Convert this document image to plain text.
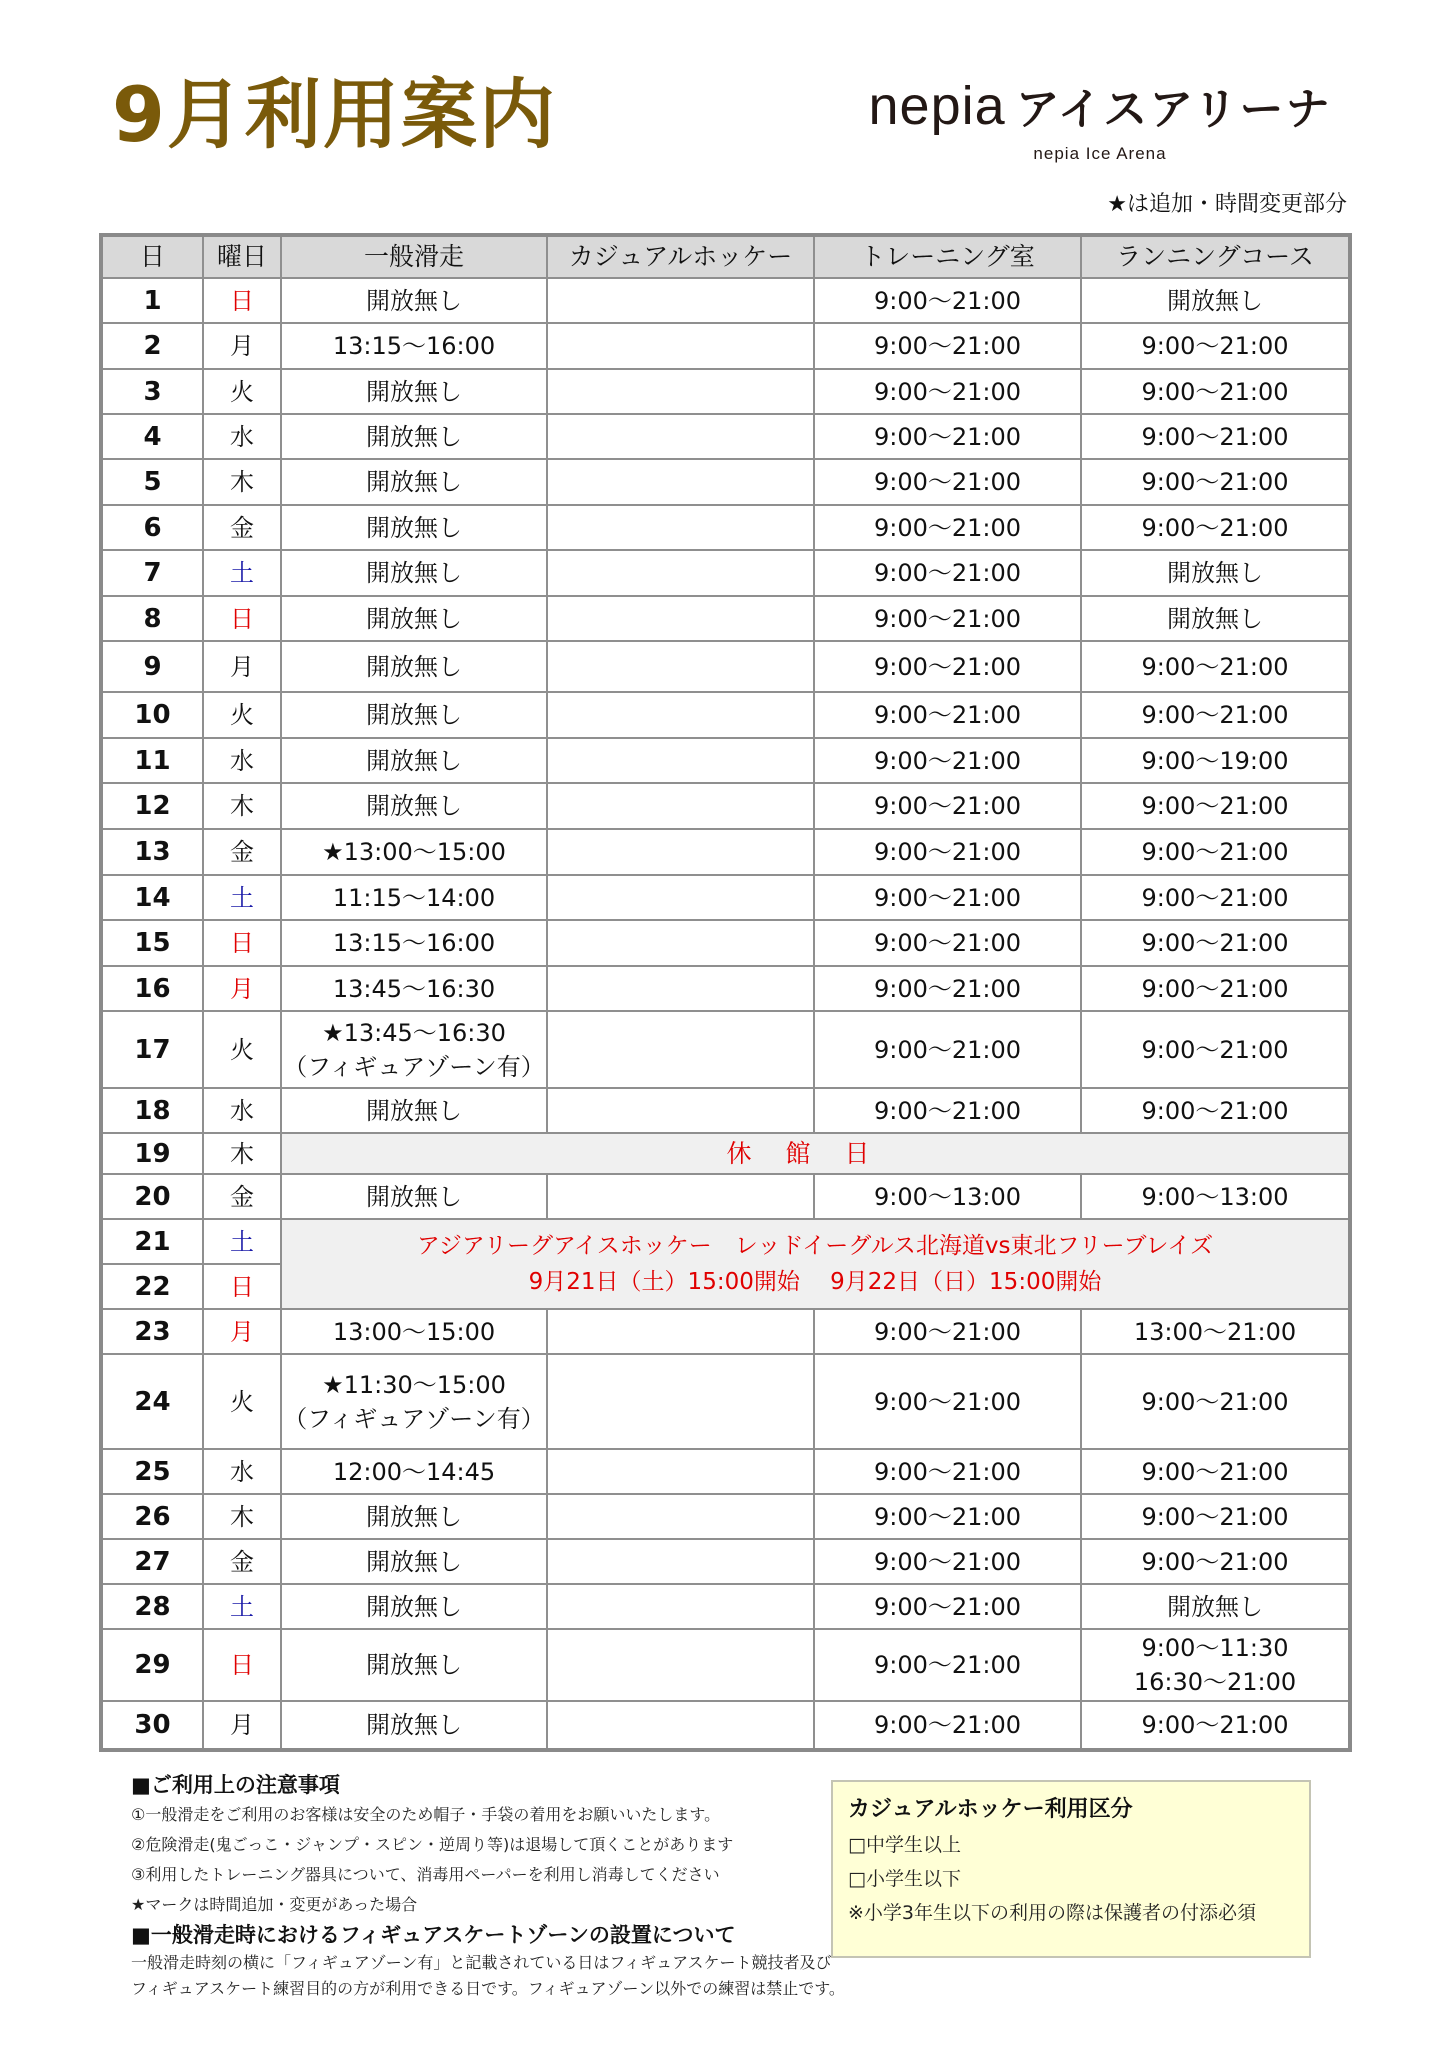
9月利用案内	nepia アイスアリーナ
nepia Ice Arena
★は追加・時間変更部分
日	曜日	一般滑走	カジュアルホッケー	トレーニング室	ランニングコース
1	日	開放無し		9:00～21:00	開放無し

2	月	13:15～16:00		9:00～21:00	9:00～21:00

3	火	開放無し		9:00～21:00	9:00～21:00

4	水	開放無し		9:00～21:00	9:00～21:00

5	木	開放無し		9:00～21:00	9:00～21:00

6	金	開放無し		9:00～21:00	9:00～21:00

7	土	開放無し		9:00～21:00	開放無し

8	日	開放無し		9:00～21:00	開放無し

9	月	開放無し		9:00～21:00	9:00～21:00

10	火	開放無し		9:00～21:00	9:00～21:00

11	水	開放無し		9:00～21:00	9:00～19:00

12	木	開放無し		9:00～21:00	9:00～21:00

13	金	★13:00～15:00		9:00～21:00	9:00～21:00

14	土	11:15～14:00		9:00～21:00	9:00～21:00

15	日	13:15～16:00		9:00～21:00	9:00～21:00

16	月	13:45～16:30		9:00～21:00	9:00～21:00

17	火	★13:45～16:30
（フィギュアゾーン有）		9:00～21:00	9:00～21:00

18	水	開放無し		9:00～21:00	9:00～21:00

19	木	休館日			
20	金	開放無し		9:00～13:00	9:00～13:00

21	土	アジアリーグアイスホッケー　レッドイーグルス北海道vs東北フリーブレイズ
9月21日（土）15:00開始　 9月22日（日）15:00開始			

22	日				
23	月	13:00～15:00		9:00～21:00	13:00～21:00

24	火	★11:30～15:00
（フィギュアゾーン有）		9:00～21:00	9:00～21:00

25	水	12:00～14:45		9:00～21:00	9:00～21:00

26	木	開放無し		9:00～21:00	9:00～21:00

27	金	開放無し		9:00～21:00	9:00～21:00

28	土	開放無し		9:00～21:00	開放無し

29	日	開放無し		9:00～21:00	9:00～11:30
16:30～21:00

30	月	開放無し		9:00～21:00	9:00～21:00
■ご利用上の注意事項
①一般滑走をご利用のお客様は安全のため帽子・手袋の着用をお願いいたします。
②危険滑走(鬼ごっこ・ジャンプ・スピン・逆周り等)は退場して頂くことがあります
③利用したトレーニング器具について、消毒用ペーパーを利用し消毒してください
★マークは時間追加・変更があった場合
■一般滑走時におけるフィギュアスケートゾーンの設置について
一般滑走時刻の横に「フィギュアゾーン有」と記載されている日はフィギュアスケート競技者及び
フィギュアスケート練習目的の方が利用できる日です。フィギュアゾーン以外での練習は禁止です。
カジュアルホッケー利用区分
□中学生以上
□小学生以下
※小学3年生以下の利用の際は保護者の付添必須
